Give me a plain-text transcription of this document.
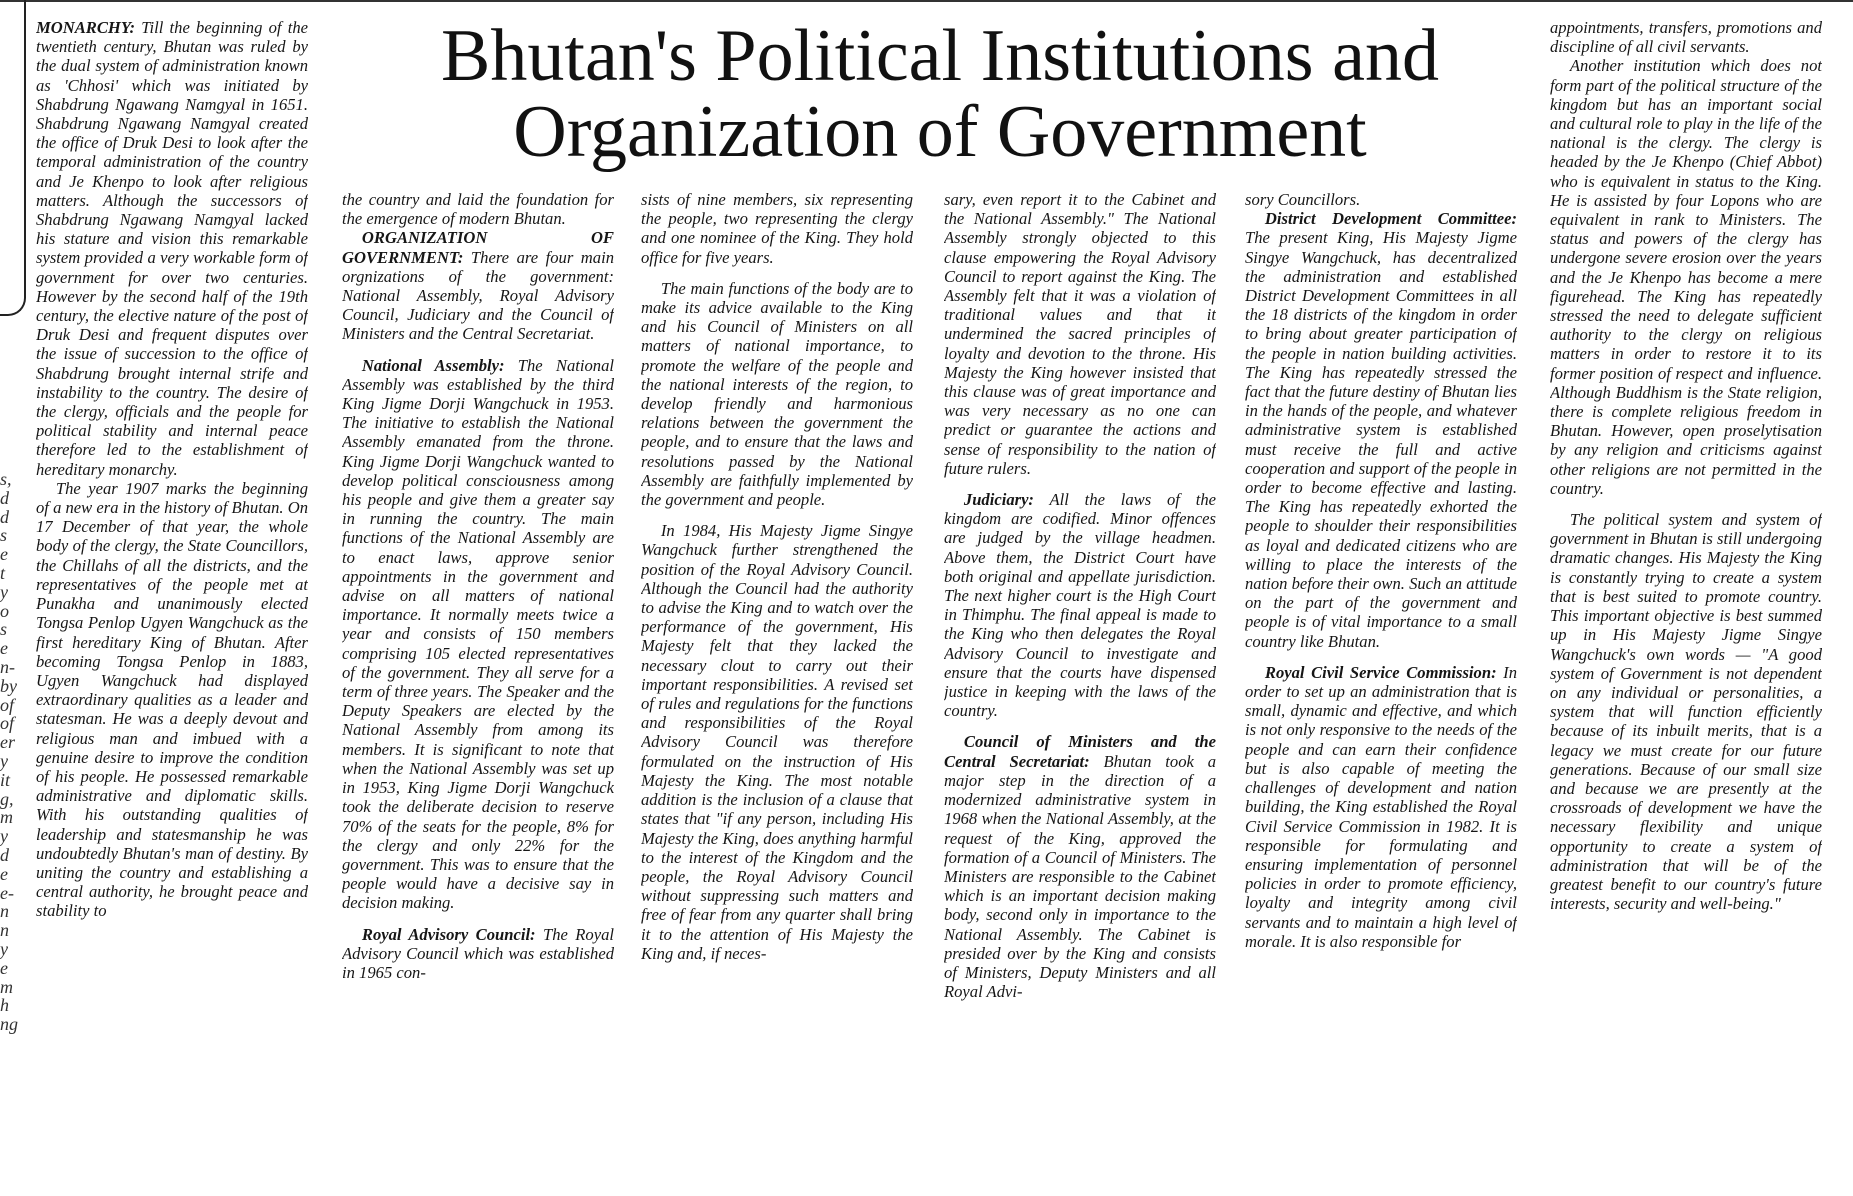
s,
d
d
s
e
t
y
o
s
e
n-
by
of
of
er
y
it
g,
m
y
d
e
e-
n
n
y
e
m
h
ng
Bhutan's Political Institutions and
Organization of Government

MONARCHY: Till the beginning of the twentieth century, Bhutan was ruled by the dual system of administration known as 'Chhosi' which was initiated by Shabdrung Ngawang Namgyal in 1651. Shabdrung Ngawang Namgyal created the office of Druk Desi to look after the temporal administration of the country and Je Khenpo to look after religious matters. Although the successors of Shabdrung Ngawang Namgyal lacked his stature and vision this remarkable system provided a very workable form of government for over two centuries. However by the second half of the 19th century, the elective nature of the post of Druk Desi and frequent disputes over the issue of succession to the office of Shabdrung brought internal strife and instability to the country. The desire of the clergy, officials and the people for political stability and internal peace therefore led to the establishment of hereditary monarchy.

The year 1907 marks the beginning of a new era in the history of Bhutan. On 17 December of that year, the whole body of the clergy, the State Councillors, the Chillahs of all the districts, and the representatives of the people met at Punakha and unanimously elected Tongsa Penlop Ugyen Wangchuck as the first hereditary King of Bhutan. After becoming Tongsa Penlop in 1883, Ugyen Wangchuck had displayed extraordinary qualities as a leader and statesman. He was a deeply devout and religious man and imbued with a genuine desire to improve the condition of his people. He possessed remarkable administrative and diplomatic skills. With his outstanding qualities of leadership and statesmanship he was undoubtedly Bhutan's man of destiny. By uniting the country and establishing a central authority, he brought peace and stability to

the country and laid the foundation for the emergence of modern Bhutan.

ORGANIZATION OF GOVERNMENT: There are four main orgnizations of the government: National Assembly, Royal Advisory Council, Judiciary and the Council of Ministers and the Central Secretariat.

National Assembly: The National Assembly was established by the third King Jigme Dorji Wangchuck in 1953. The initiative to establish the National Assembly emanated from the throne. King Jigme Dorji Wangchuck wanted to develop political consciousness among his people and give them a greater say in running the country. The main functions of the National Assembly are to enact laws, approve senior appointments in the government and advise on all matters of national importance. It normally meets twice a year and consists of 150 members comprising 105 elected representatives of the government. They all serve for a term of three years. The Speaker and the Deputy Speakers are elected by the National Assembly from among its members. It is significant to note that when the National Assembly was set up in 1953, King Jigme Dorji Wangchuck took the deliberate decision to reserve 70% of the seats for the people, 8% for the clergy and only 22% for the government. This was to ensure that the people would have a decisive say in decision making.

Royal Advisory Council: The Royal Advisory Council which was established in 1965 con-

sists of nine members, six representing the people, two representing the clergy and one nominee of the King. They hold office for five years.

The main functions of the body are to make its advice available to the King and his Council of Ministers on all matters of national importance, to promote the welfare of the people and the national interests of the region, to develop friendly and harmonious relations between the government the people, and to ensure that the laws and resolutions passed by the National Assembly are faithfully implemented by the government and people.

In 1984, His Majesty Jigme Singye Wangchuck further strengthened the position of the Royal Advisory Council. Although the Council had the authority to advise the King and to watch over the performance of the government, His Majesty felt that they lacked the necessary clout to carry out their important responsibilities. A revised set of rules and regulations for the functions and responsibilities of the Royal Advisory Council was therefore formulated on the instruction of His Majesty the King. The most notable addition is the inclusion of a clause that states that "if any person, including His Majesty the King, does anything harmful to the interest of the Kingdom and the people, the Royal Advisory Council without suppressing such matters and free of fear from any quarter shall bring it to the attention of His Majesty the King and, if neces-

sary, even report it to the Cabinet and the National Assembly." The National Assembly strongly objected to this clause empowering the Royal Advisory Council to report against the King. The Assembly felt that it was a violation of traditional values and that it undermined the sacred principles of loyalty and devotion to the throne. His Majesty the King however insisted that this clause was of great importance and was very necessary as no one can predict or guarantee the actions and sense of responsibility to the nation of future rulers.

Judiciary: All the laws of the kingdom are codified. Minor offences are judged by the village headmen. Above them, the District Court have both original and appellate jurisdiction. The next higher court is the High Court in Thimphu. The final appeal is made to the King who then delegates the Royal Advisory Council to investigate and ensure that the courts have dispensed justice in keeping with the laws of the country.

Council of Ministers and the Central Secretariat: Bhutan took a major step in the direction of a modernized administrative system in 1968 when the National Assembly, at the request of the King, approved the formation of a Council of Ministers. The Ministers are responsible to the Cabinet which is an important decision making body, second only in importance to the National Assembly. The Cabinet is presided over by the King and consists of Ministers, Deputy Ministers and all Royal Advi-

sory Councillors.

District Development Committee: The present King, His Majesty Jigme Singye Wangchuck, has decentralized the administration and established District Development Committees in all the 18 districts of the kingdom in order to bring about greater participation of the people in nation building activities. The King has repeatedly stressed the fact that the future destiny of Bhutan lies in the hands of the people, and whatever administrative system is established must receive the full and active cooperation and support of the people in order to become effective and lasting. The King has repeatedly exhorted the people to shoulder their responsibilities as loyal and dedicated citizens who are willing to place the interests of the nation before their own. Such an attitude on the part of the government and people is of vital importance to a small country like Bhutan.

Royal Civil Service Commission: In order to set up an administration that is small, dynamic and effective, and which is not only responsive to the needs of the people and can earn their confidence but is also capable of meeting the challenges of development and nation building, the King established the Royal Civil Service Commission in 1982. It is responsible for formulating and ensuring implementation of personnel policies in order to promote efficiency, loyalty and integrity among civil servants and to maintain a high level of morale. It is also responsible for

appointments, transfers, promotions and discipline of all civil servants.

Another institution which does not form part of the political structure of the kingdom but has an important social and cultural role to play in the life of the national is the clergy. The clergy is headed by the Je Khenpo (Chief Abbot) who is equivalent in status to the King. He is assisted by four Lopons who are equivalent in rank to Ministers. The status and powers of the clergy has undergone severe erosion over the years and the Je Khenpo has become a mere figurehead. The King has repeatedly stressed the need to delegate sufficient authority to the clergy on religious matters in order to restore it to its former position of respect and influence. Although Buddhism is the State religion, there is complete religious freedom in Bhutan. However, open proselytisation by any religion and criticisms against other religions are not permitted in the country.

The political system and system of government in Bhutan is still undergoing dramatic changes. His Majesty the King is constantly trying to create a system that is best suited to promote country. This important objective is best summed up in His Majesty Jigme Singye Wangchuck's own words — "A good system of Government is not dependent on any individual or personalities, a system that will function efficiently because of its inbuilt merits, that is a legacy we must create for our future generations. Because of our small size and because we are presently at the crossroads of development we have the necessary flexibility and unique opportunity to create a system of administration that will be of the greatest benefit to our country's future interests, security and well-being."
